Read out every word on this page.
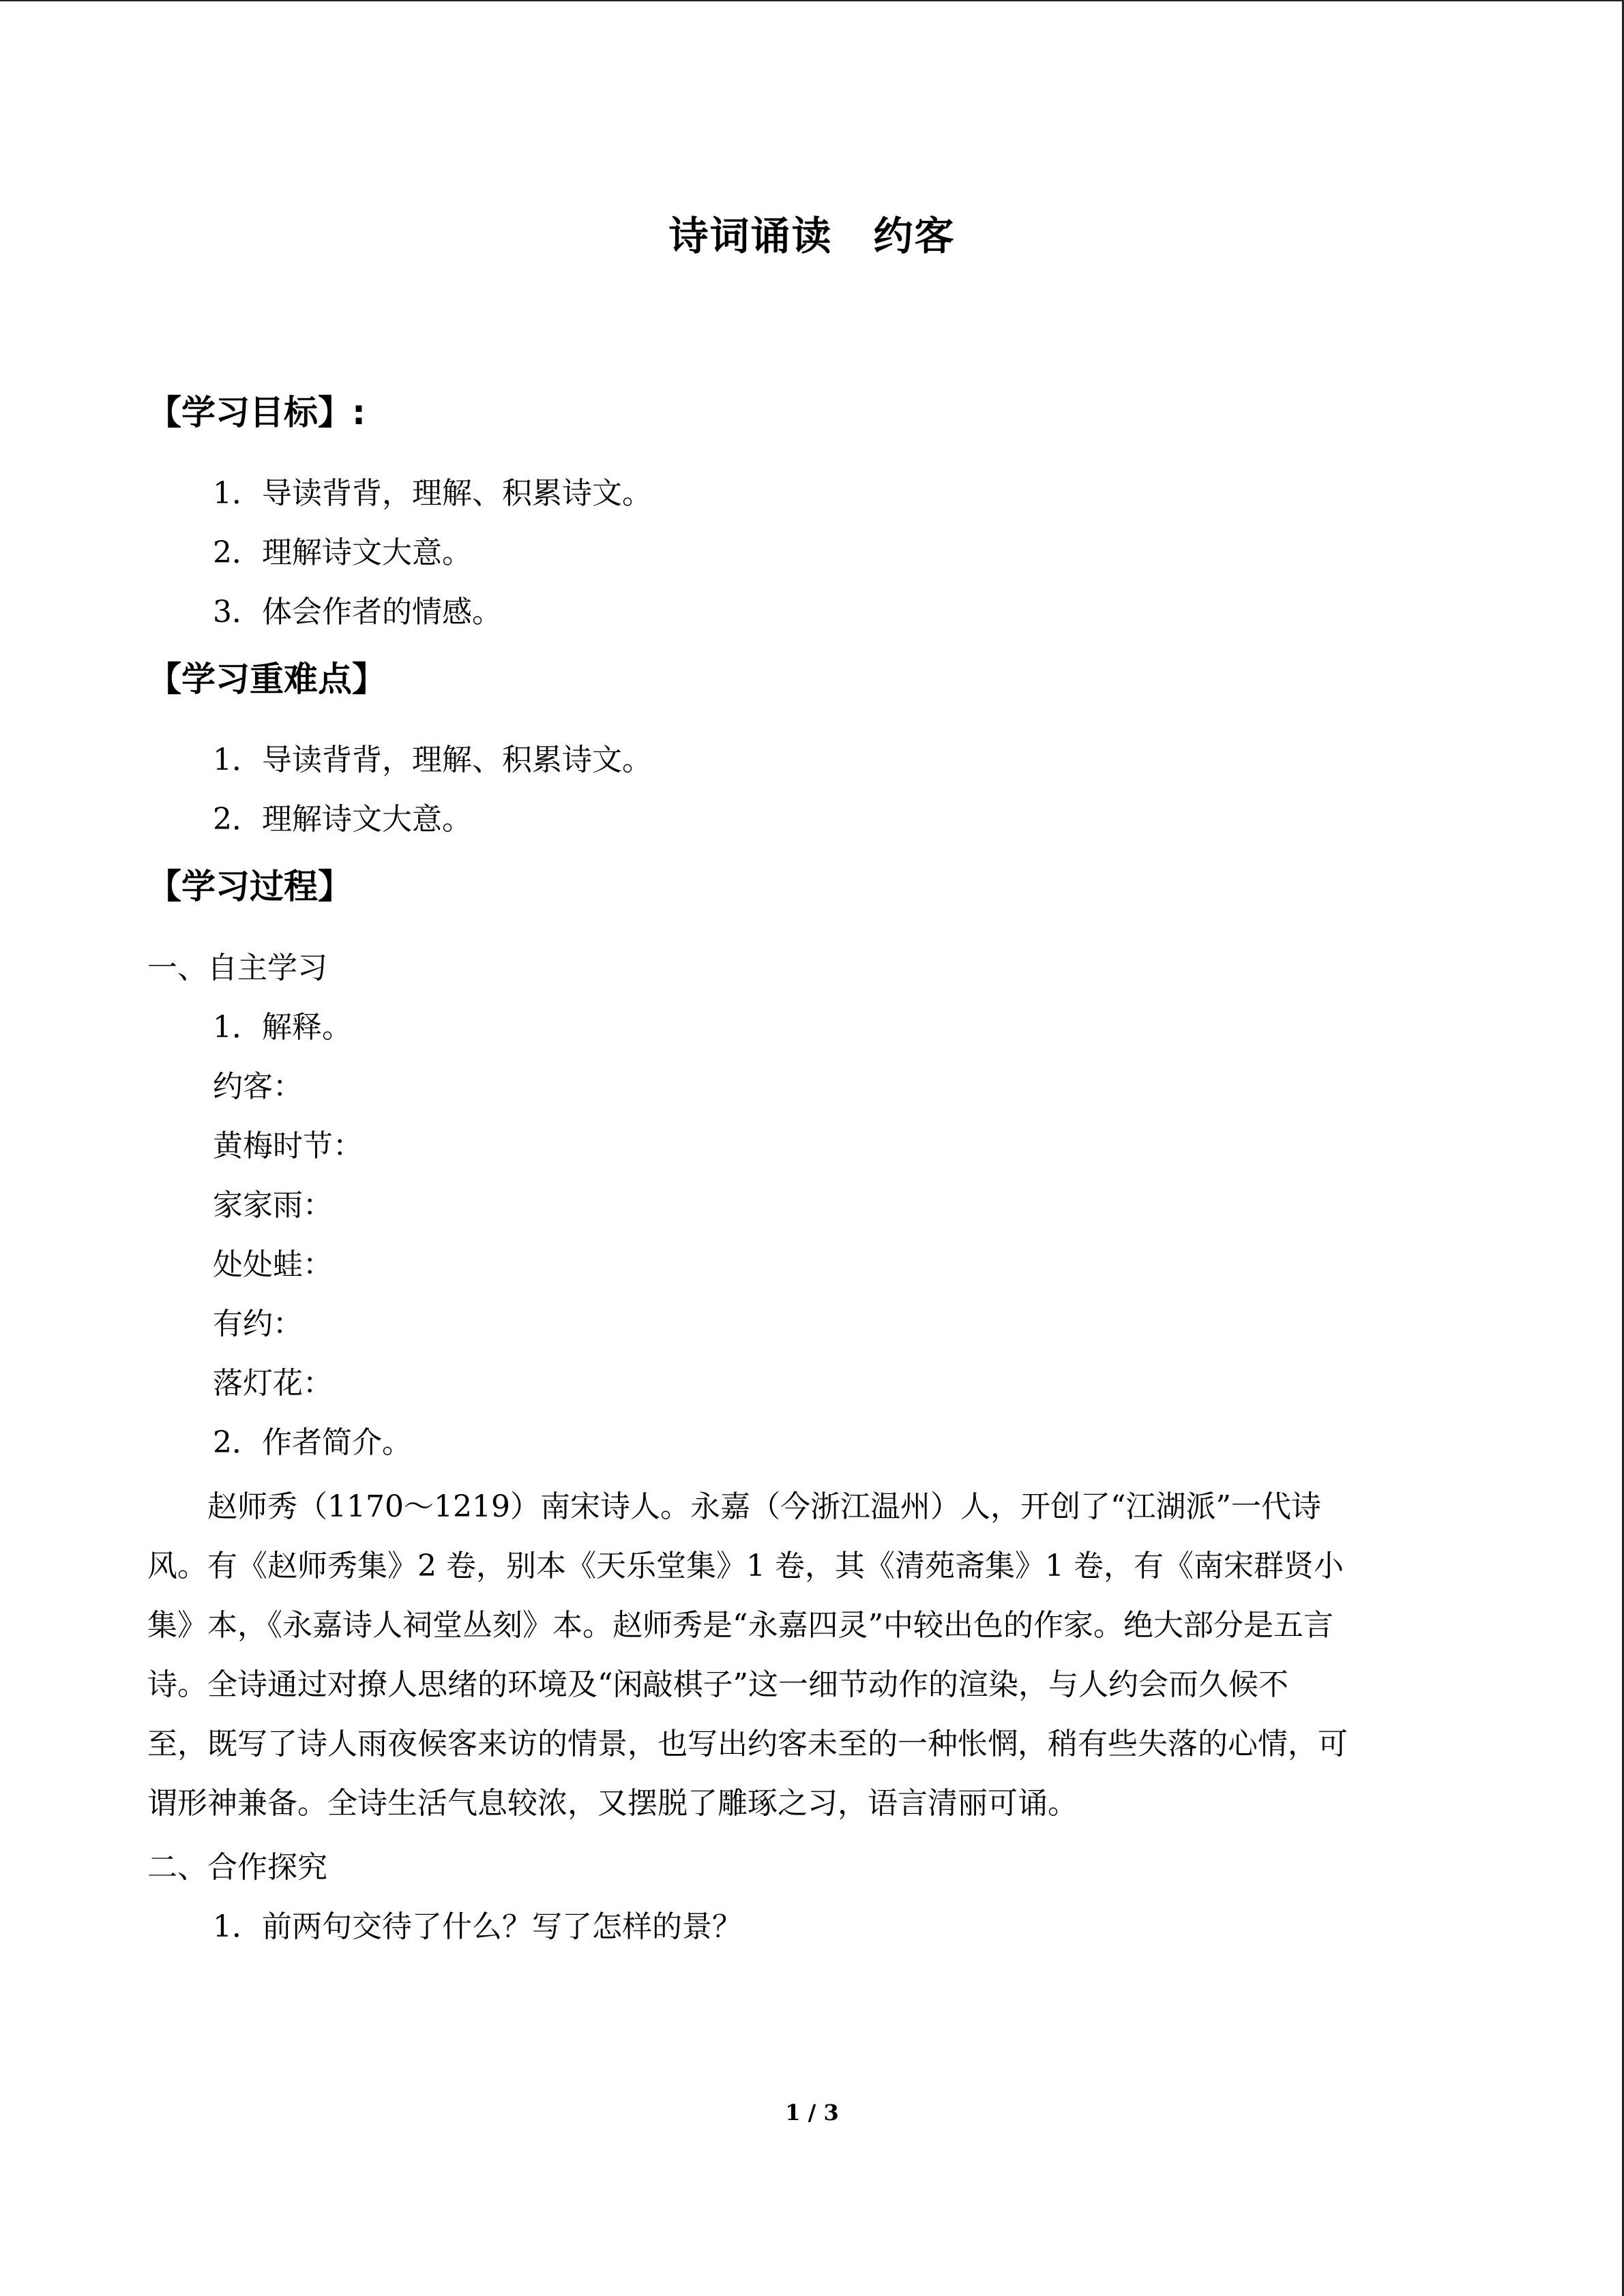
诗词诵读　约客
【学习目标】:
1．导读背背，理解、积累诗文。
2．理解诗文大意。
3．体会作者的情感。
【学习重难点】
1．导读背背，理解、积累诗文。
2．理解诗文大意。
【学习过程】
一、自主学习
1．解释。
约客：
黄梅时节：
家家雨：
处处蛙：
有约：
落灯花：
2．作者简介。
　　赵师秀（1170～1219）南宋诗人。永嘉（今浙江温州）人，开创了“江湖派”一代诗
风。有《赵师秀集》2 卷，别本《天乐堂集》1 卷，其《清苑斋集》1 卷，有《南宋群贤小
集》本，《永嘉诗人祠堂丛刻》本。赵师秀是“永嘉四灵”中较出色的作家。绝大部分是五言
诗。全诗通过对撩人思绪的环境及“闲敲棋子”这一细节动作的渲染，与人约会而久候不
至，既写了诗人雨夜候客来访的情景，也写出约客未至的一种怅惘，稍有些失落的心情，可
谓形神兼备。全诗生活气息较浓，又摆脱了雕琢之习，语言清丽可诵。
二、合作探究
1．前两句交待了什么？写了怎样的景？
1 / 3
